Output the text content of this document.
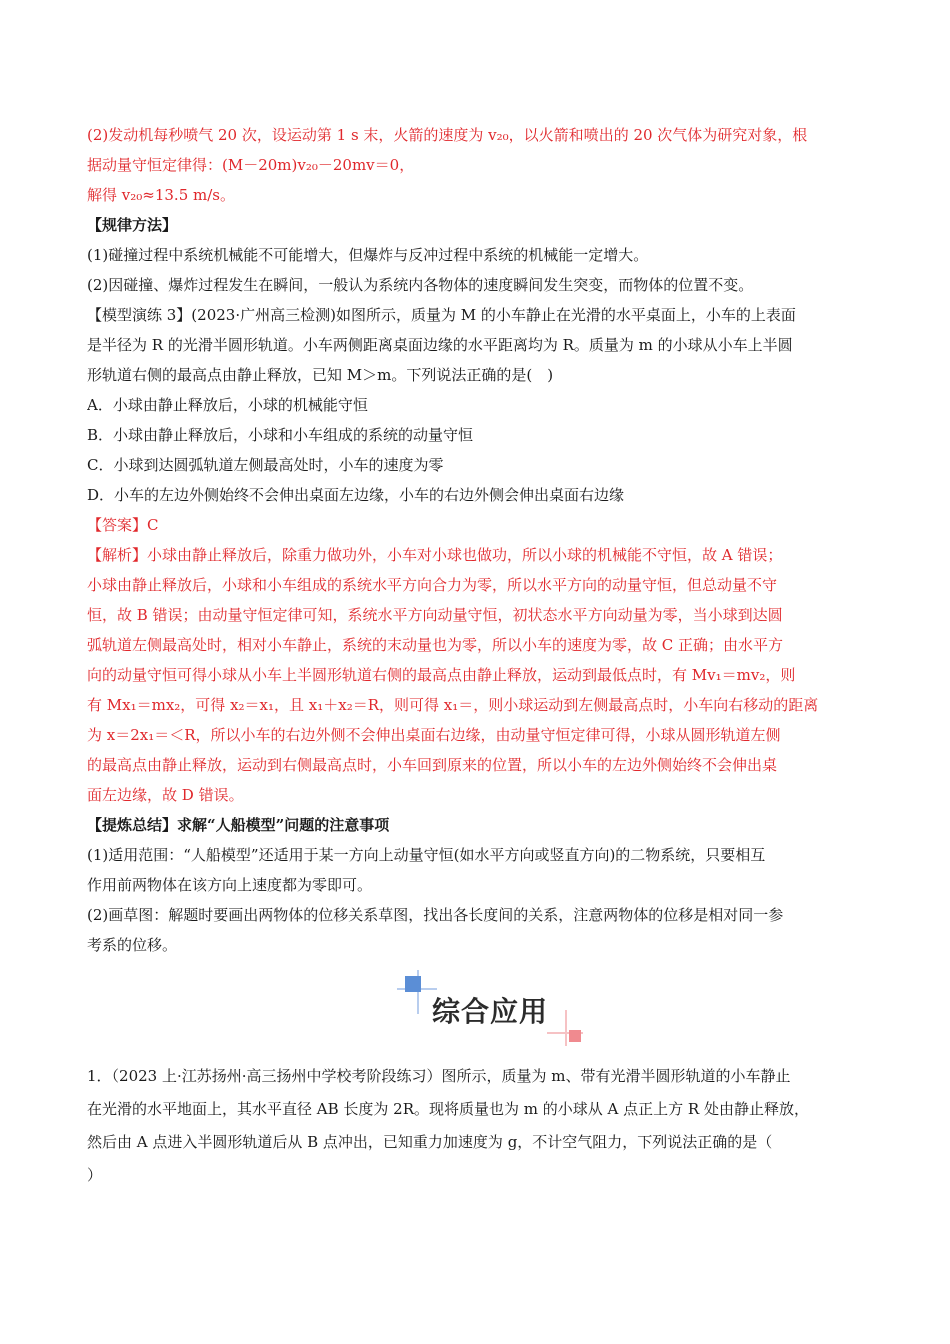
(2)发动机每秒喷气 20 次，设运动第 1 s 末，火箭的速度为 v₂₀，以火箭和喷出的 20 次气体为研究对象，根
据动量守恒定律得：(M－20m)v₂₀－20mv＝0，
解得 v₂₀≈13.5 m/s。
【规律方法】
(1)碰撞过程中系统机械能不可能增大，但爆炸与反冲过程中系统的机械能一定增大。
(2)因碰撞、爆炸过程发生在瞬间，一般认为系统内各物体的速度瞬间发生突变，而物体的位置不变。
【模型演练 3】(2023·广州高三检测)如图所示，质量为 M 的小车静止在光滑的水平桌面上，小车的上表面
是半径为 R 的光滑半圆形轨道。小车两侧距离桌面边缘的水平距离均为 R。质量为 m 的小球从小车上半圆
形轨道右侧的最高点由静止释放，已知 M＞m。下列说法正确的是(　)
A．小球由静止释放后，小球的机械能守恒
B．小球由静止释放后，小球和小车组成的系统的动量守恒
C．小球到达圆弧轨道左侧最高处时，小车的速度为零
D．小车的左边外侧始终不会伸出桌面左边缘，小车的右边外侧会伸出桌面右边缘
【答案】C
【解析】小球由静止释放后，除重力做功外，小车对小球也做功，所以小球的机械能不守恒，故 A 错误；
小球由静止释放后，小球和小车组成的系统水平方向合力为零，所以水平方向的动量守恒，但总动量不守
恒，故 B 错误；由动量守恒定律可知，系统水平方向动量守恒，初状态水平方向动量为零，当小球到达圆
弧轨道左侧最高处时，相对小车静止，系统的末动量也为零，所以小车的速度为零，故 C 正确；由水平方
向的动量守恒可得小球从小车上半圆形轨道右侧的最高点由静止释放，运动到最低点时，有 Mv₁＝mv₂，则
有 Mx₁＝mx₂，可得 x₂＝x₁，且 x₁＋x₂＝R，则可得 x₁＝，则小球运动到左侧最高点时，小车向右移动的距离
为 x＝2x₁＝＜R，所以小车的右边外侧不会伸出桌面右边缘，由动量守恒定律可得，小球从圆形轨道左侧
的最高点由静止释放，运动到右侧最高点时，小车回到原来的位置，所以小车的左边外侧始终不会伸出桌
面左边缘，故 D 错误。
【提炼总结】求解“人船模型”问题的注意事项
(1)适用范围：“人船模型”还适用于某一方向上动量守恒(如水平方向或竖直方向)的二物系统，只要相互
作用前两物体在该方向上速度都为零即可。
(2)画草图：解题时要画出两物体的位移关系草图，找出各长度间的关系，注意两物体的位移是相对同一参
考系的位移。
综合应用
1．（2023 上·江苏扬州·高三扬州中学校考阶段练习）图所示，质量为 m、带有光滑半圆形轨道的小车静止
在光滑的水平地面上，其水平直径 AB 长度为 2R。现将质量也为 m 的小球从 A 点正上方 R 处由静止释放，
然后由 A 点进入半圆形轨道后从 B 点冲出，已知重力加速度为 g，不计空气阻力，下列说法正确的是（
）
